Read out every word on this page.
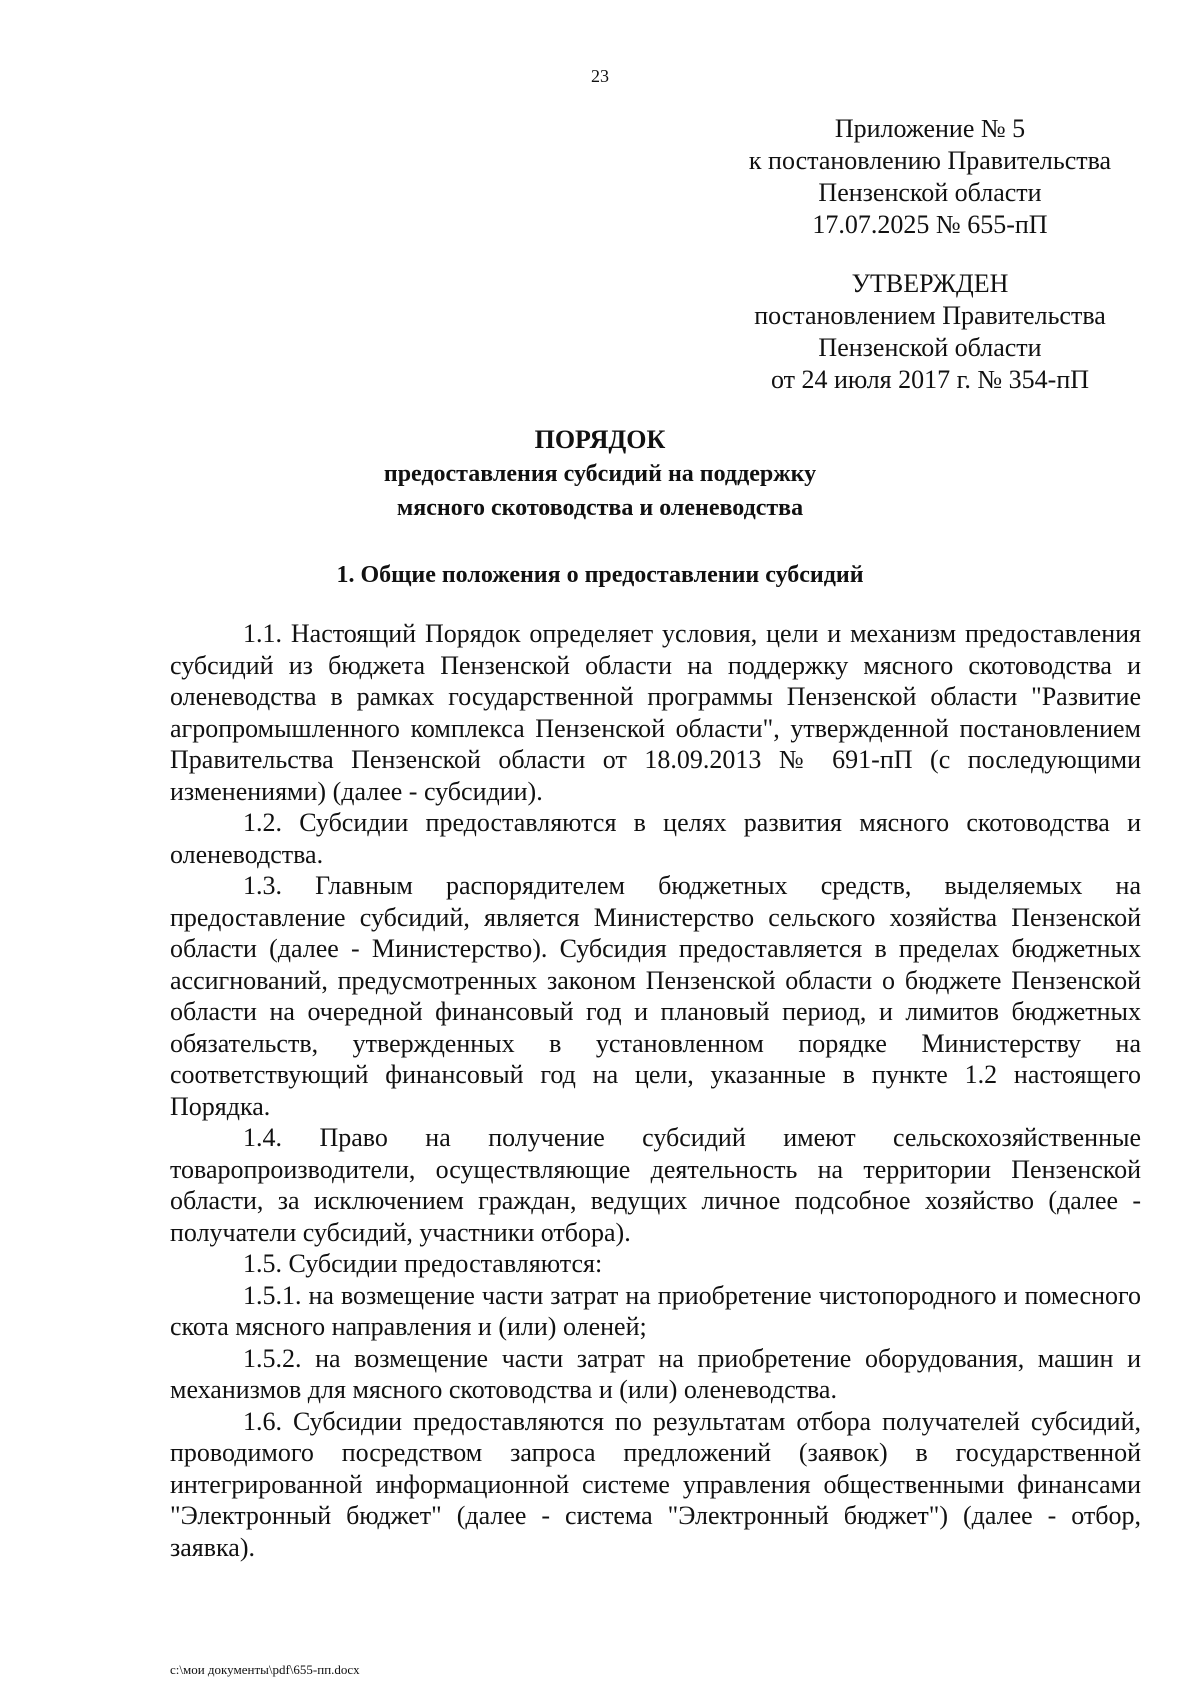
23
Приложение № 5
к постановлению Правительства
Пензенской области
17.07.2025 № 655-пП
УТВЕРЖДЕН
постановлением Правительства
Пензенской области
от 24 июля 2017 г. № 354-пП
ПОРЯДОК
предоставления субсидий на поддержку
мясного скотоводства и оленеводства
1. Общие положения о предоставлении субсидий

1.1. Настоящий Порядок определяет условия, цели и механизм предоставления субсидий из бюджета Пензенской области на поддержку мясного скотоводства и оленеводства в рамках государственной программы Пензенской области "Развитие агропромышленного комплекса Пензенской области", утвержденной постановлением Правительства Пензенской области от 18.09.2013 № 691-пП (с последующими изменениями) (далее - субсидии).

1.2. Субсидии предоставляются в целях развития мясного скотоводства и оленеводства.

1.3. Главным распорядителем бюджетных средств, выделяемых на предоставление субсидий, является Министерство сельского хозяйства Пензенской области (далее - Министерство). Субсидия предоставляется в пределах бюджетных ассигнований, предусмотренных законом Пензенской области о бюджете Пензенской области на очередной финансовый год и плановый период, и лимитов бюджетных обязательств, утвержденных в установленном порядке Министерству на соответствующий финансовый год на цели, указанные в пункте 1.2 настоящего Порядка.

1.4. Право на получение субсидий имеют сельскохозяйственные товаропроизводители, осуществляющие деятельность на территории Пензенской области, за исключением граждан, ведущих личное подсобное хозяйство (далее - получатели субсидий, участники отбора).

1.5. Субсидии предоставляются:

1.5.1. на возмещение части затрат на приобретение чистопородного и помесного скота мясного направления и (или) оленей;

1.5.2. на возмещение части затрат на приобретение оборудования, машин и механизмов для мясного скотоводства и (или) оленеводства.

1.6. Субсидии предоставляются по результатам отбора получателей субсидий, проводимого посредством запроса предложений (заявок) в государственной интегрированной информационной системе управления общественными финансами "Электронный бюджет" (далее - система "Электронный бюджет") (далее - отбор, заявка).

c:\мои документы\pdf\655-пп.docx
